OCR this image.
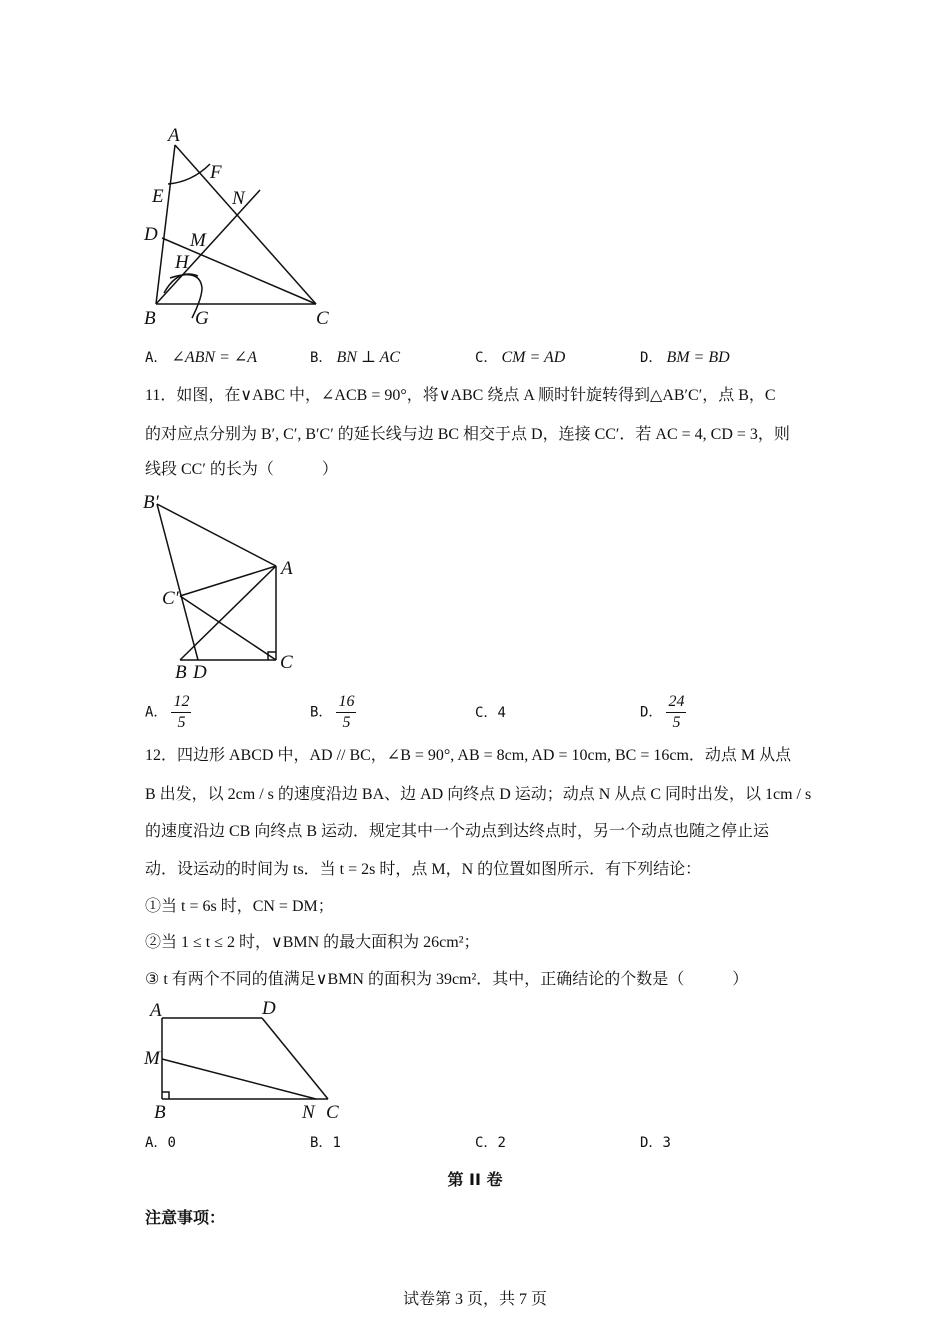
A
F
E	N
D M
H
B G	C
A． ∠ABN = ∠A	B． BN ⊥ AC	C． CM = AD	D． BM = BD
11．如图，在∨ABC 中，∠ACB = 90°，将∨ABC 绕点 A 顺时针旋转得到△AB′C′，点 B，C
的对应点分别为 B′, C′, B′C′ 的延长线与边 BC 相交于点 D，连接 CC′．若 AC = 4, CD = 3，则
线段 CC′ 的长为（　　　）
B′
A
C′
B D	C
A． $\frac{12}{5}$	B． $\frac{16}{5}$	C．4	D． $\frac{24}{5}$
12．四边形 ABCD 中，AD // BC，∠B = 90°, AB = 8cm, AD = 10cm, BC = 16cm．动点 M 从点
B 出发，以 2cm / s 的速度沿边 BA、边 AD 向终点 D 运动；动点 N 从点 C 同时出发，以 1cm / s
的速度沿边 CB 向终点 B 运动．规定其中一个动点到达终点时，另一个动点也随之停止运
动．设运动的时间为 ts．当 t = 2s 时，点 M，N 的位置如图所示．有下列结论：
①当 t = 6s 时，CN = DM；
②当 1 ≤ t ≤ 2 时，∨BMN 的最大面积为 26cm²；
③ t 有两个不同的值满足∨BMN 的面积为 39cm²．其中，正确结论的个数是（　　　）
A	D
M
B	N C
A．0	B．1	C．2	D．3
第 II 卷
注意事项：
试卷第 3 页，共 7 页
